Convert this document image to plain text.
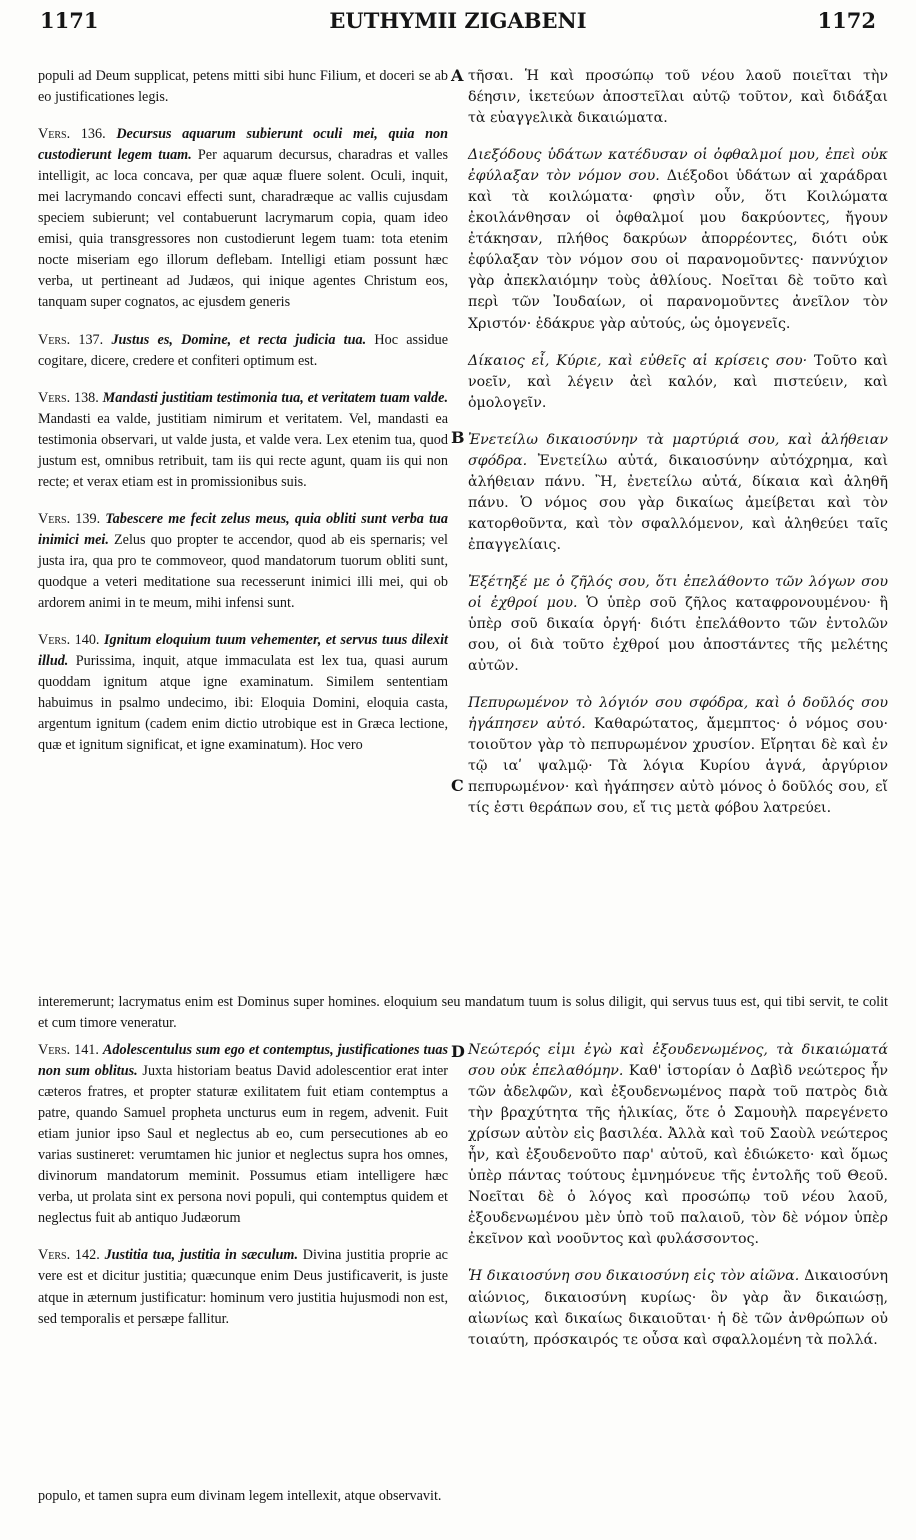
1171	EUTHYMII ZIGABENI	1172
A
B
C
D

populi ad Deum supplicat, petens mitti sibi hunc Filium, et doceri se ab eo justificationes legis.

Vers. 136. Decursus aquarum subierunt oculi mei, quia non custodierunt legem tuam. Per aquarum decursus, charadras et valles intelligit, ac loca concava, per quæ aquæ fluere solent. Oculi, inquit, mei lacrymando concavi effecti sunt, charadræque ac vallis cujusdam speciem subierunt; vel contabuerunt lacrymarum copia, quam ideo emisi, quia transgressores non custodierunt legem tuam: tota etenim nocte miseriam ego illorum deflebam. Intelligi etiam possunt hæc verba, ut pertineant ad Judæos, qui inique agentes Christum eos, tanquam super cognatos, ac ejusdem generis

Vers. 137. Justus es, Domine, et recta judicia tua. Hoc assidue cogitare, dicere, credere et confiteri optimum est.

Vers. 138. Mandasti justitiam testimonia tua, et veritatem tuam valde. Mandasti ea valde, justitiam nimirum et veritatem. Vel, mandasti ea testimonia observari, ut valde justa, et valde vera. Lex etenim tua, quod justum est, omnibus retribuit, tam iis qui recte agunt, quam iis qui non recte; et verax etiam est in promissionibus suis.

Vers. 139. Tabescere me fecit zelus meus, quia obliti sunt verba tua inimici mei. Zelus quo propter te accendor, quod ab eis spernaris; vel justa ira, qua pro te commoveor, quod mandatorum tuorum obliti sunt, quodque a veteri meditatione sua recesserunt inimici illi mei, qui ob ardorem animi in te meum, mihi infensi sunt.

Vers. 140. Ignitum eloquium tuum vehementer, et servus tuus dilexit illud. Purissima, inquit, atque immaculata est lex tua, quasi aurum quoddam ignitum atque igne examinatum. Similem sententiam habuimus in psalmo undecimo, ibi: Eloquia Domini, eloquia casta, argentum ignitum (cadem enim dictio utrobique est in Græca lectione, quæ et ignitum significat, et igne examinatum). Hoc vero

τῆσαι. Ἡ καὶ προσώπῳ τοῦ νέου λαοῦ ποιεῖται τὴν δέησιν, ἱκετεύων ἀποστεῖλαι αὐτῷ τοῦτον, καὶ διδάξαι τὰ εὐαγγελικὰ δικαιώματα.

Διεξόδους ὑδάτων κατέδυσαν οἱ ὀφθαλμοί μου, ἐπεὶ οὐκ ἐφύλαξαν τὸν νόμον σου. Διέξοδοι ὑδάτων αἱ χαράδραι καὶ τὰ κοιλώματα· φησὶν οὖν, ὅτι Κοιλώματα ἐκοιλάνθησαν οἱ ὀφθαλμοί μου δακρύοντες, ἤγουν ἐτάκησαν, πλήθος δακρύων ἀπορρέοντες, διότι οὐκ ἐφύλαξαν τὸν νόμον σου οἱ παρανομοῦντες· παννύχιον γὰρ ἀπεκλαιόμην τοὺς ἀθλίους. Νοεῖται δὲ τοῦτο καὶ περὶ τῶν Ἰουδαίων, οἱ παρανομοῦντες ἀνεῖλον τὸν Χριστόν· ἐδάκρυε γὰρ αὐτούς, ὡς ὁμογενεῖς.

Δίκαιος εἶ, Κύριε, καὶ εὐθεῖς αἱ κρίσεις σου· Τοῦτο καὶ νοεῖν, καὶ λέγειν ἀεὶ καλόν, καὶ πιστεύειν, καὶ ὁμολογεῖν.

Ἐνετείλω δικαιοσύνην τὰ μαρτύριά σου, καὶ ἀλήθειαν σφόδρα. Ἐνετείλω αὐτά, δικαιοσύνην αὐτόχρημα, καὶ ἀλήθειαν πάνυ. Ἢ, ἐνετείλω αὐτά, δίκαια καὶ ἀληθῆ πάνυ. Ὁ νόμος σου γὰρ δικαίως ἀμείβεται καὶ τὸν κατορθοῦντα, καὶ τὸν σφαλλόμενον, καὶ ἀληθεύει ταῖς ἐπαγγελίαις.

Ἐξέτηξέ με ὁ ζῆλός σου, ὅτι ἐπελάθοντο τῶν λόγων σου οἱ ἐχθροί μου. Ὁ ὑπὲρ σοῦ ζῆλος καταφρονουμένου· ἢ ὑπὲρ σοῦ δικαία ὀργή· διότι ἐπελάθοντο τῶν ἐντολῶν σου, οἱ διὰ τοῦτο ἐχθροί μου ἀποστάντες τῆς μελέτης αὐτῶν.

Πεπυρωμένον τὸ λόγιόν σου σφόδρα, καὶ ὁ δοῦλός σου ἠγάπησεν αὐτό. Καθαρώτατος, ἄμεμπτος· ὁ νόμος σου· τοιοῦτον γὰρ τὸ πεπυρωμένον χρυσίον. Εἴρηται δὲ καὶ ἐν τῷ ιαʹ ψαλμῷ· Τὰ λόγια Κυρίου ἁγνά, ἀργύριον πεπυρωμένον· καὶ ἠγάπησεν αὐτὸ μόνος ὁ δοῦλός σου, εἴ τίς ἐστι θεράπων σου, εἴ τις μετὰ φόβου λατρεύει.

interemerunt; lacrymatus enim est Dominus super homines. eloquium seu mandatum tuum is solus diligit, qui servus tuus est, qui tibi servit, te colit et cum timore veneratur.

Vers. 141. Adolescentulus sum ego et contemptus, justificationes tuas non sum oblitus. Juxta historiam beatus David adolescentior erat inter cæteros fratres, et propter staturæ exilitatem fuit etiam contemptus a patre, quando Samuel propheta uncturus eum in regem, advenit. Fuit etiam junior ipso Saul et neglectus ab eo, cum persecutiones ab eo varias sustineret: verumtamen hic junior et neglectus supra hos omnes, divinorum mandatorum meminit. Possumus etiam intelligere hæc verba, ut prolata sint ex persona novi populi, qui contemptus quidem et neglectus fuit ab antiquo Judæorum

Vers. 142. Justitia tua, justitia in sæculum. Divina justitia proprie ac vere est et dicitur justitia; quæcunque enim Deus justificaverit, is juste atque in æternum justificatur: hominum vero justitia hujusmodi non est, sed temporalis et persæpe fallitur.

Νεώτερός εἰμι ἐγὼ καὶ ἐξουδενωμένος, τὰ δικαιώματά σου οὐκ ἐπελαθόμην. Καθ' ἱστορίαν ὁ Δαβὶδ νεώτερος ἦν τῶν ἀδελφῶν, καὶ ἐξουδενωμένος παρὰ τοῦ πατρὸς διὰ τὴν βραχύτητα τῆς ἡλικίας, ὅτε ὁ Σαμουὴλ παρεγένετο χρίσων αὐτὸν εἰς βασιλέα. Ἀλλὰ καὶ τοῦ Σαοὺλ νεώτερος ἦν, καὶ ἐξουδενοῦτο παρ' αὐτοῦ, καὶ ἐδιώκετο· καὶ ὅμως ὑπὲρ πάντας τούτους ἐμνημόνευε τῆς ἐντολῆς τοῦ Θεοῦ. Νοεῖται δὲ ὁ λόγος καὶ προσώπῳ τοῦ νέου λαοῦ, ἐξουδενωμένου μὲν ὑπὸ τοῦ παλαιοῦ, τὸν δὲ νόμον ὑπὲρ ἐκεῖνον καὶ νοοῦντος καὶ φυλάσσοντος.

Ἡ δικαιοσύνη σου δικαιοσύνη εἰς τὸν αἰῶνα. Δικαιοσύνη αἰώνιος, δικαιοσύνη κυρίως· ὃν γὰρ ἂν δικαιώσῃ, αἰωνίως καὶ δικαίως δικαιοῦται· ἡ δὲ τῶν ἀνθρώπων οὐ τοιαύτη, πρόσκαιρός τε οὖσα καὶ σφαλλομένη τὰ πολλά.

populo, et tamen supra eum divinam legem intellexit, atque observavit.
